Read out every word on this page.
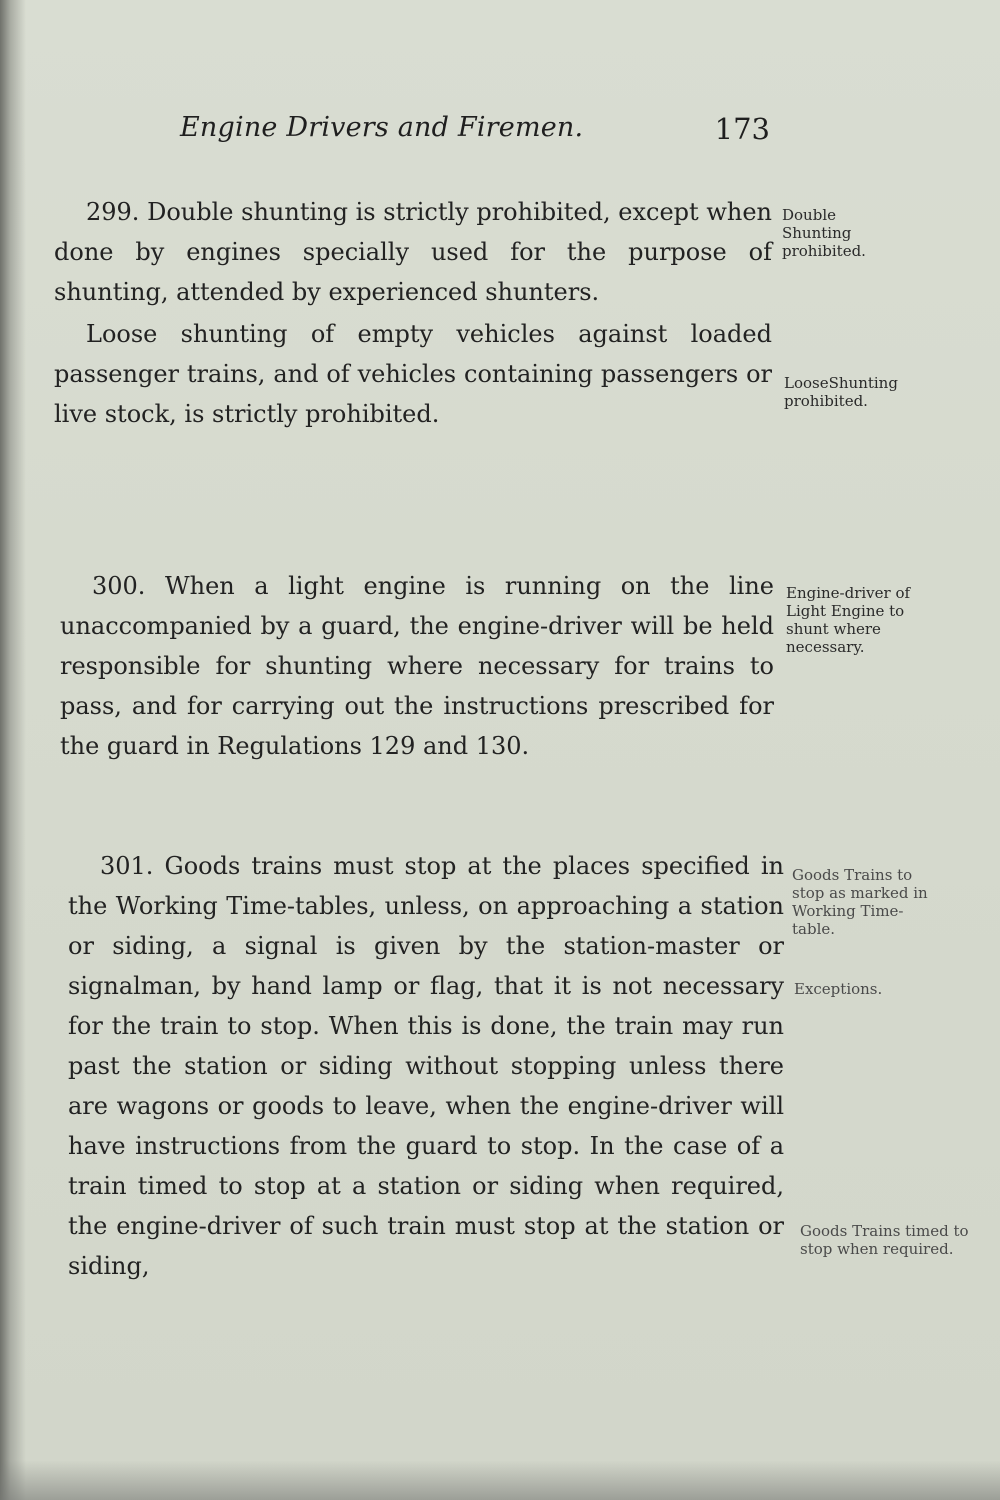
Engine Drivers and Firemen.	173

299. Double shunting is strictly prohibited, except when done by engines specially used for the purpose of shunting, attended by experienced shunters.

Loose shunting of empty vehicles against loaded passenger trains, and of vehicles containing passengers or live stock, is strictly prohibited.

Double Shunting prohibited.

LooseShunting prohibited.

300. When a light engine is running on the line unaccompanied by a guard, the engine-driver will be held responsible for shunting where necessary for trains to pass, and for carrying out the instructions prescribed for the guard in Regulations 129 and 130.

Engine-driver of Light Engine to shunt where necessary.

301. Goods trains must stop at the places specified in the Working Time-tables, unless, on approaching a station or siding, a signal is given by the station-master or signalman, by hand lamp or flag, that it is not necessary for the train to stop. When this is done, the train may run past the station or siding without stopping unless there are wagons or goods to leave, when the engine-driver will have instructions from the guard to stop. In the case of a train timed to stop at a station or siding when required, the engine-driver of such train must stop at the station or siding,

Goods Trains to stop as marked in Working Time-table.

Exceptions.

Goods Trains timed to stop when required.
